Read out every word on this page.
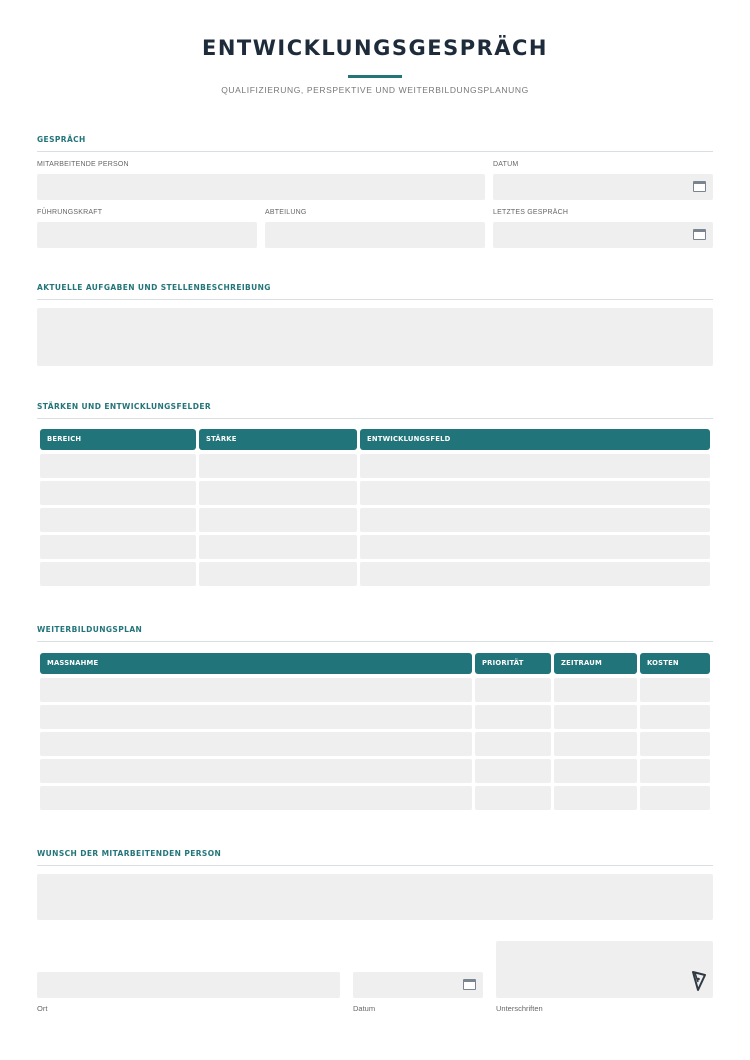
ENTWICKLUNGSGESPRÄCH
QUALIFIZIERUNG, PERSPEKTIVE UND WEITERBILDUNGSPLANUNG
GESPRÄCH
MITARBEITENDE PERSON	DATUM
FÜHRUNGSKRAFT	ABTEILUNG	LETZTES GESPRÄCH
AKTUELLE AUFGABEN UND STELLENBESCHREIBUNG
STÄRKEN UND ENTWICKLUNGSFELDER
BEREICH	STÄRKE	ENTWICKLUNGSFELD
WEITERBILDUNGSPLAN
MASSNAHME	PRIORITÄT	ZEITRAUM	KOSTEN
WUNSCH DER MITARBEITENDEN PERSON
Ort	Datum	Unterschriften
